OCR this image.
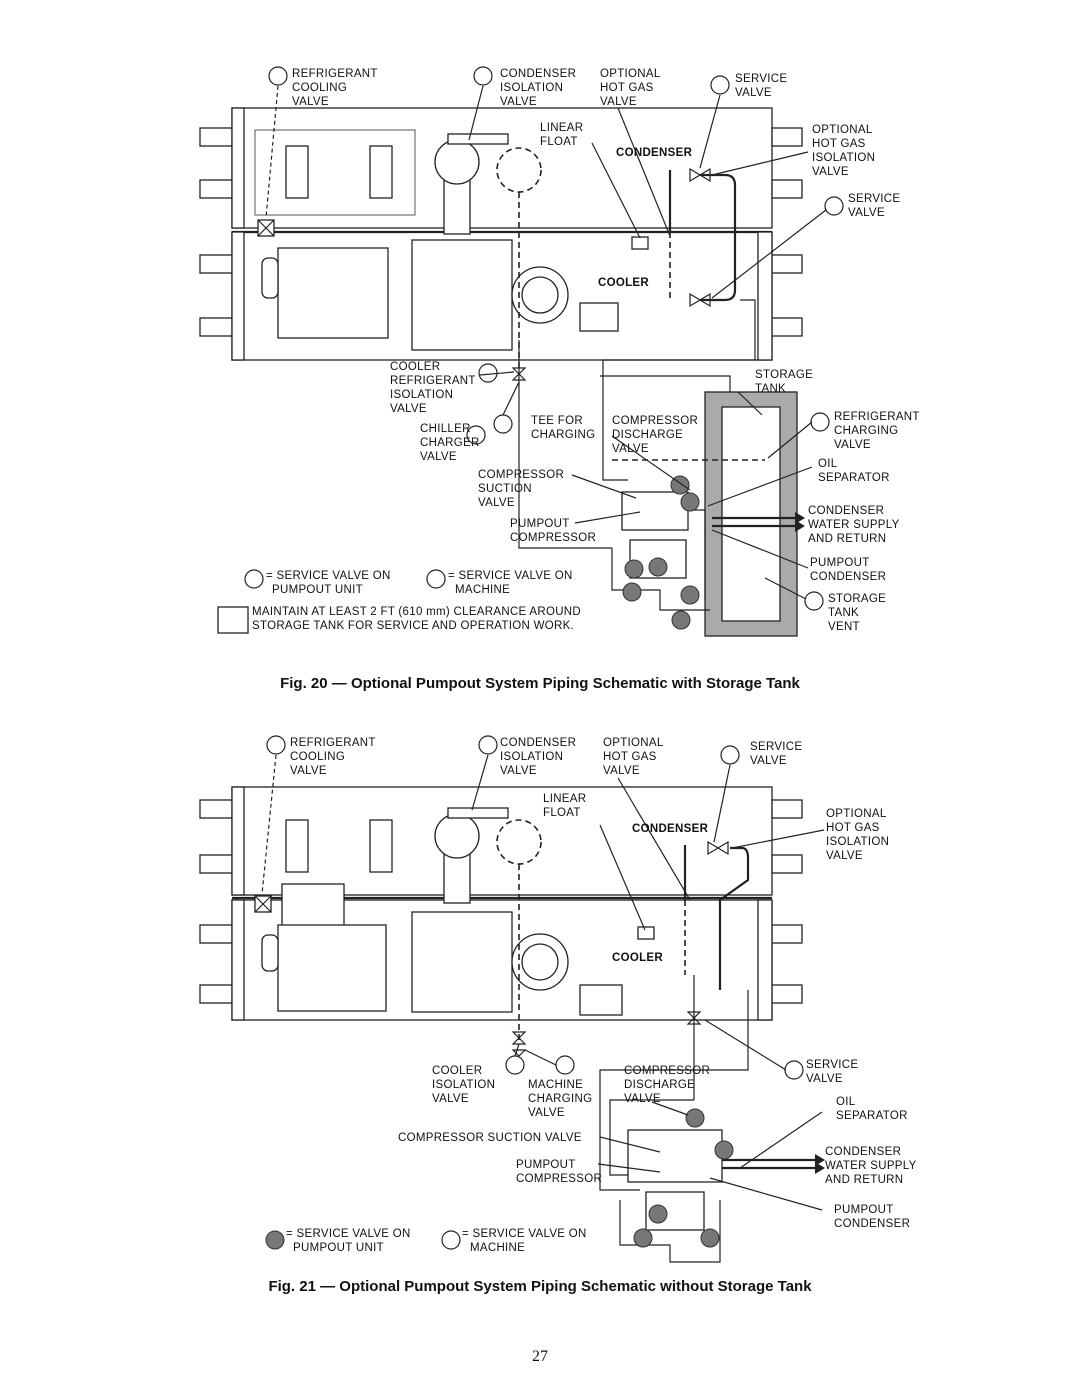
REFRIGERANT COOLING VALVE
CONDENSER ISOLATION VALVE
OPTIONAL HOT GAS VALVE
SERVICE VALVE
LINEAR FLOAT
CONDENSER
OPTIONAL HOT GAS ISOLATION VALVE
SERVICE VALVE
COOLER
COOLER REFRIGERANT ISOLATION VALVE
STORAGE TANK
CHILLER CHARGER VALVE
TEE FOR CHARGING
COMPRESSOR DISCHARGE VALVE
REFRIGERANT CHARGING VALVE
OIL SEPARATOR
COMPRESSOR SUCTION VALVE
CONDENSER WATER SUPPLY AND RETURN
PUMPOUT COMPRESSOR
PUMPOUT CONDENSER
STORAGE TANK VENT
= SERVICE VALVE ON PUMPOUT UNIT
= SERVICE VALVE ON MACHINE
MAINTAIN AT LEAST 2 FT (610 mm) CLEARANCE AROUND STORAGE TANK FOR SERVICE AND OPERATION WORK.
REFRIGERANT COOLING VALVE
CONDENSER ISOLATION VALVE
OPTIONAL HOT GAS VALVE
SERVICE VALVE
LINEAR FLOAT
CONDENSER
OPTIONAL HOT GAS ISOLATION VALVE
COOLER
COOLER ISOLATION VALVE
MACHINE CHARGING VALVE
COMPRESSOR DISCHARGE VALVE
SERVICE VALVE
OIL SEPARATOR
COMPRESSOR SUCTION VALVE
CONDENSER WATER SUPPLY AND RETURN
PUMPOUT COMPRESSOR
PUMPOUT CONDENSER
= SERVICE VALVE ON PUMPOUT UNIT
= SERVICE VALVE ON MACHINE
Fig. 20 — Optional Pumpout System Piping Schematic with Storage Tank
Fig. 21 — Optional Pumpout System Piping Schematic without Storage Tank
27
